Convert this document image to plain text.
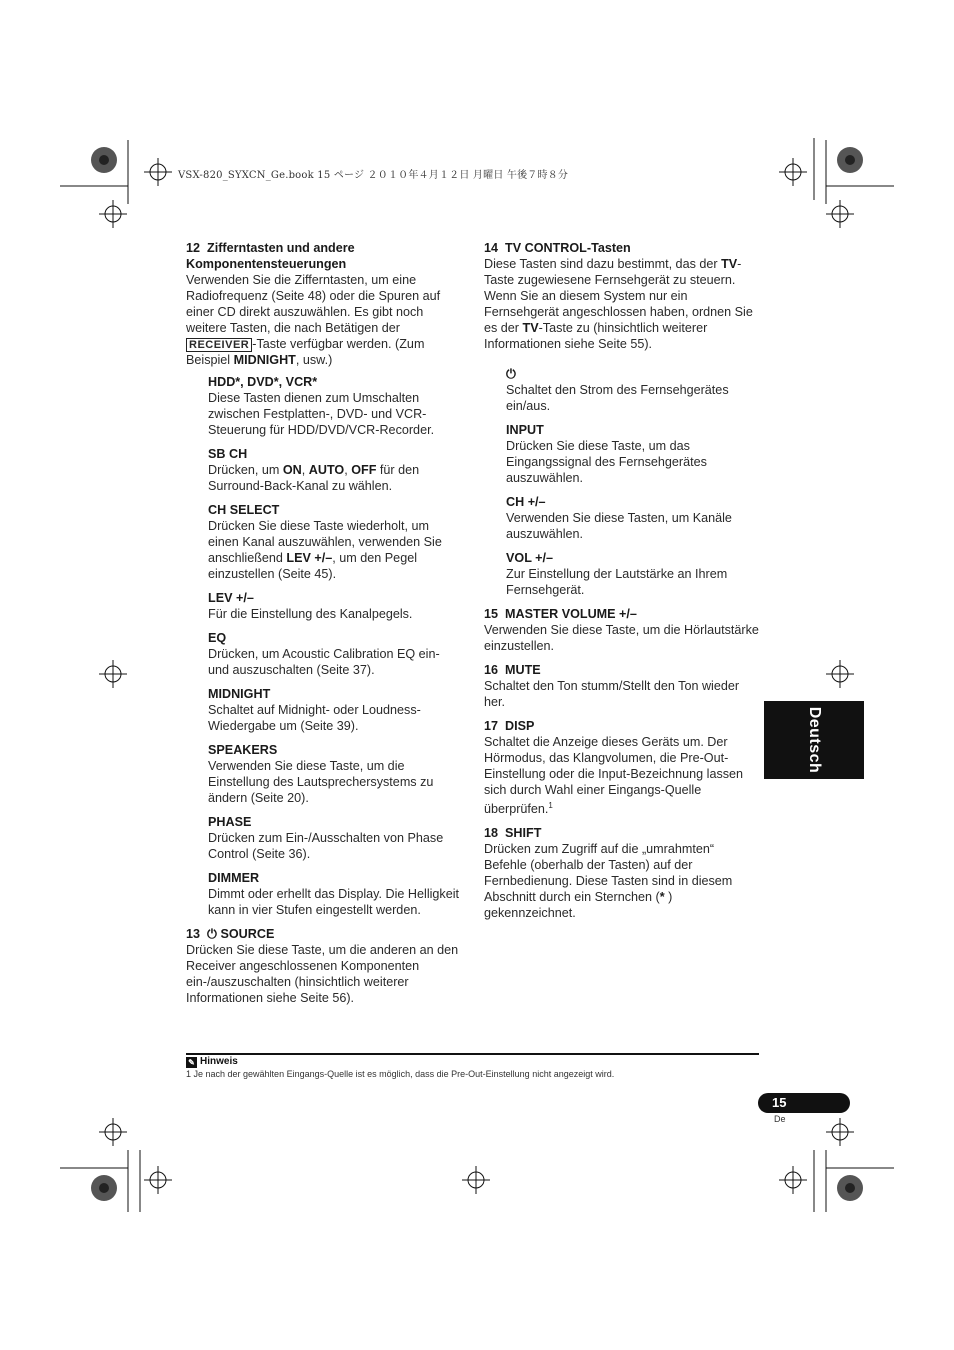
VSX-820_SYXCN_Ge.book 15 ページ ２０１０年４月１２日 月曜日 午後７時８分
12 Zifferntasten und andere Komponentensteuerungen

Verwenden Sie die Zifferntasten, um eine Radiofrequenz (Seite 48) oder die Spuren auf einer CD direkt auszuwählen. Es gibt noch weitere Tasten, die nach Betätigen der RECEIVER -Taste verfügbar werden. (Zum Beispiel MIDNIGHT, usw.)

HDD*, DVD*, VCR*

Diese Tasten dienen zum Umschalten zwischen Festplatten-, DVD- und VCR-Steuerung für HDD/DVD/VCR-Recorder.

SB CH

Drücken, um ON, AUTO, OFF für den Surround-Back-Kanal zu wählen.

CH SELECT

Drücken Sie diese Taste wiederholt, um einen Kanal auszuwählen, verwenden Sie anschließend LEV +/–, um den Pegel einzustellen (Seite 45).

LEV +/–

Für die Einstellung des Kanalpegels.

EQ

Drücken, um Acoustic Calibration EQ ein- und auszuschalten (Seite 37).

MIDNIGHT

Schaltet auf Midnight- oder Loudness-Wiedergabe um (Seite 39).

SPEAKERS

Verwenden Sie diese Taste, um die Einstellung des Lautsprechersystems zu ändern (Seite 20).

PHASE

Drücken zum Ein-/Ausschalten von Phase Control (Seite 36).

DIMMER

Dimmt oder erhellt das Display. Die Helligkeit kann in vier Stufen eingestellt werden.

13 ⏻ SOURCE

Drücken Sie diese Taste, um die anderen an den Receiver angeschlossenen Komponenten ein-/auszuschalten (hinsichtlich weiterer Informationen siehe Seite 56).

14 TV CONTROL-Tasten

Diese Tasten sind dazu bestimmt, das der TV-Taste zugewiesene Fernsehgerät zu steuern. Wenn Sie an diesem System nur ein Fernsehgerät angeschlossen haben, ordnen Sie es der TV-Taste zu (hinsichtlich weiterer Informationen siehe Seite 55).

⏻

Schaltet den Strom des Fernsehgerätes ein/aus.

INPUT

Drücken Sie diese Taste, um das Eingangssignal des Fernsehgerätes auszuwählen.

CH +/–

Verwenden Sie diese Tasten, um Kanäle auszuwählen.

VOL +/–

Zur Einstellung der Lautstärke an Ihrem Fernsehgerät.

15 MASTER VOLUME +/–

Verwenden Sie diese Taste, um die Hörlautstärke einzustellen.

16 MUTE

Schaltet den Ton stumm/Stellt den Ton wieder her.

17 DISP

Schaltet die Anzeige dieses Geräts um. Der Hörmodus, das Klangvolumen, die Pre-Out-Einstellung oder die Input-Bezeichnung lassen sich durch Wahl einer Eingangs-Quelle überprüfen.$^1$

18 SHIFT

Drücken zum Zugriff auf die „umrahmten“ Befehle (oberhalb der Tasten) auf der Fernbedienung. Diese Tasten sind in diesem Abschnitt durch ein Sternchen (* ) gekennzeichnet.

Deutsch
✎ Hinweis
1 Je nach der gewählten Eingangs-Quelle ist es möglich, dass die Pre-Out-Einstellung nicht angezeigt wird.
15
De
